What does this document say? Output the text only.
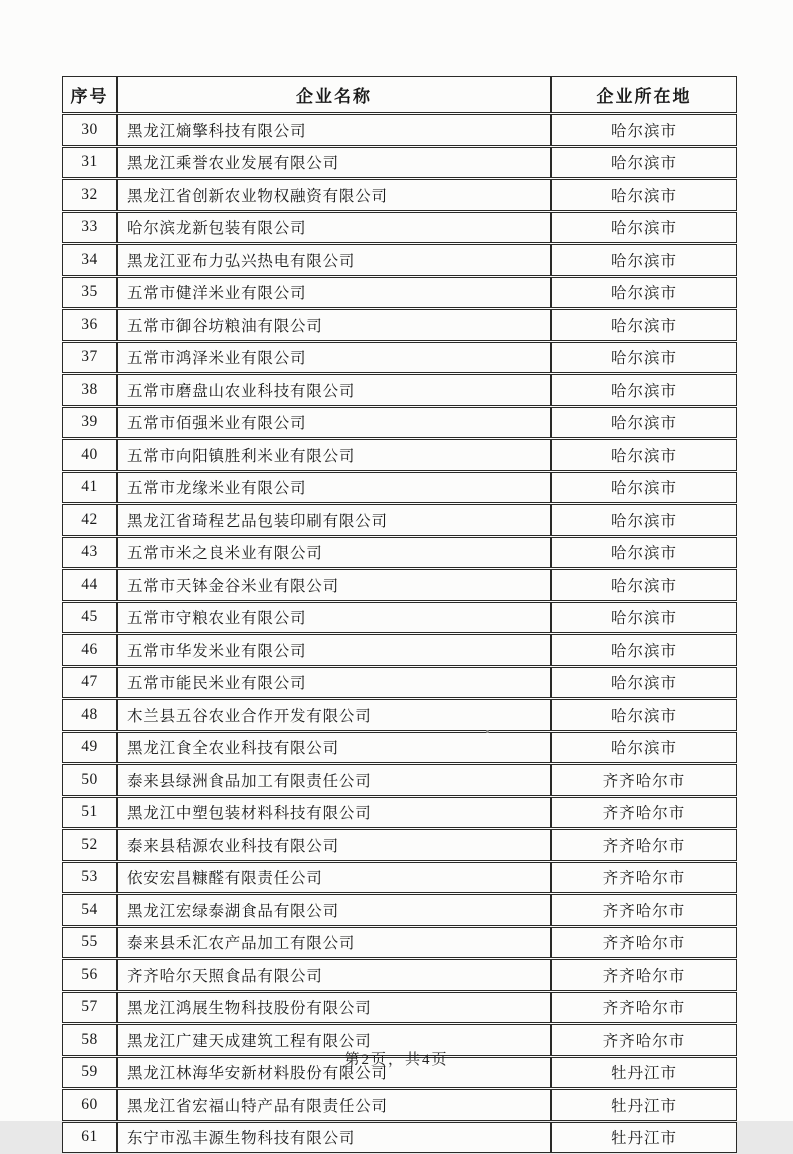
序号	企业名称	企业所在地
30	黑龙江熵擎科技有限公司	哈尔滨市
31	黑龙江乘誉农业发展有限公司	哈尔滨市
32	黑龙江省创新农业物权融资有限公司	哈尔滨市
33	哈尔滨龙新包装有限公司	哈尔滨市
34	黑龙江亚布力弘兴热电有限公司	哈尔滨市
35	五常市健洋米业有限公司	哈尔滨市
36	五常市御谷坊粮油有限公司	哈尔滨市
37	五常市鸿泽米业有限公司	哈尔滨市
38	五常市磨盘山农业科技有限公司	哈尔滨市
39	五常市佰强米业有限公司	哈尔滨市
40	五常市向阳镇胜利米业有限公司	哈尔滨市
41	五常市龙缘米业有限公司	哈尔滨市
42	黑龙江省琦程艺品包装印刷有限公司	哈尔滨市
43	五常市米之良米业有限公司	哈尔滨市
44	五常市天钵金谷米业有限公司	哈尔滨市
45	五常市守粮农业有限公司	哈尔滨市
46	五常市华发米业有限公司	哈尔滨市
47	五常市能民米业有限公司	哈尔滨市
48	木兰县五谷农业合作开发有限公司	哈尔滨市
49	黑龙江食全农业科技有限公司	哈尔滨市
50	泰来县绿洲食品加工有限责任公司	齐齐哈尔市
51	黑龙江中塑包装材料科技有限公司	齐齐哈尔市
52	泰来县秸源农业科技有限公司	齐齐哈尔市
53	依安宏昌糠醛有限责任公司	齐齐哈尔市
54	黑龙江宏绿泰湖食品有限公司	齐齐哈尔市
55	泰来县禾汇农产品加工有限公司	齐齐哈尔市
56	齐齐哈尔天照食品有限公司	齐齐哈尔市
57	黑龙江鸿展生物科技股份有限公司	齐齐哈尔市
58	黑龙江广建天成建筑工程有限公司	齐齐哈尔市
59	黑龙江林海华安新材料股份有限公司	牡丹江市
60	黑龙江省宏福山特产品有限责任公司	牡丹江市
61	东宁市泓丰源生物科技有限公司	牡丹江市
第2页，共4页
